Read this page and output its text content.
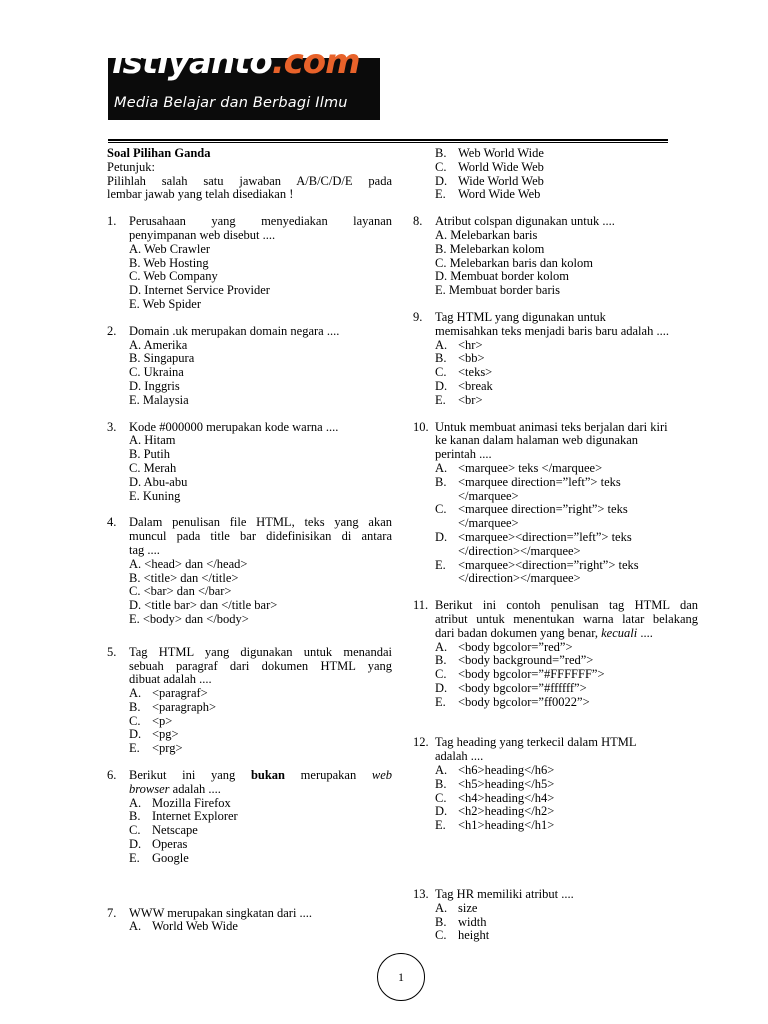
istiyanto.com
Media Belajar dan Berbagi Ilmu
Soal Pilihan Ganda
Petunjuk:
Pilihlah salah satu jawaban A/B/C/D/E pada
lembar jawab yang telah disediakan !
1. Perusahaan yang menyediakan layanan
penyimpanan web disebut ....
A. Web Crawler
B. Web Hosting
C. Web Company
D. Internet Service Provider
E. Web Spider
2. Domain .uk merupakan domain negara ....
A. Amerika
B. Singapura
C. Ukraina
D. Inggris
E. Malaysia
3. Kode #000000 merupakan kode warna ....
A. Hitam
B. Putih
C. Merah
D. Abu-abu
E. Kuning
4. Dalam penulisan file HTML, teks yang akan
muncul pada title bar didefinisikan di antara
tag ....
A. <head> dan </head>
B. <title> dan </title>
C. <bar> dan </bar>
D. <title bar> dan </title bar>
E. <body> dan </body>
5. Tag HTML yang digunakan untuk menandai
sebuah paragraf dari dokumen HTML yang
dibuat adalah ....
A. <paragraf>
B. <paragraph>
C. <p>
D. <pg>
E. <prg>
6. Berikut ini yang bukan merupakan web
browser adalah ....
A. Mozilla Firefox
B. Internet Explorer
C. Netscape
D. Operas
E. Google
7. WWW merupakan singkatan dari ....
A. World Web Wide
B. Web World Wide
C. World Wide Web
D. Wide World Web
E. Word Wide Web
8. Atribut colspan digunakan untuk ....
A. Melebarkan baris
B. Melebarkan kolom
C. Melebarkan baris dan kolom
D. Membuat border kolom
E. Membuat border baris
9. Tag HTML yang digunakan untuk
memisahkan teks menjadi baris baru adalah ....
A. <hr>
B. <bb>
C. <teks>
D. <break
E. <br>
10. Untuk membuat animasi teks berjalan dari kiri
ke kanan dalam halaman web digunakan
perintah ....
A. <marquee> teks </marquee>
B. <marquee direction=”left”> teks
</marquee>
C. <marquee direction=”right”> teks
</marquee>
D. <marquee><direction=”left”> teks
</direction></marquee>
E. <marquee><direction=”right”> teks
</direction></marquee>
11. Berikut ini contoh penulisan tag HTML dan
atribut untuk menentukan warna latar belakang
dari badan dokumen yang benar, kecuali ....
A. <body bgcolor=”red”>
B. <body background=”red”>
C. <body bgcolor=”#FFFFFF”>
D. <body bgcolor=”#ffffff”>
E. <body bgcolor=”ff0022”>
12. Tag heading yang terkecil dalam HTML
adalah ....
A. <h6>heading</h6>
B. <h5>heading</h5>
C. <h4>heading</h4>
D. <h2>heading</h2>
E. <h1>heading</h1>
13. Tag HR memiliki atribut ....
A. size
B. width
C. height
1
